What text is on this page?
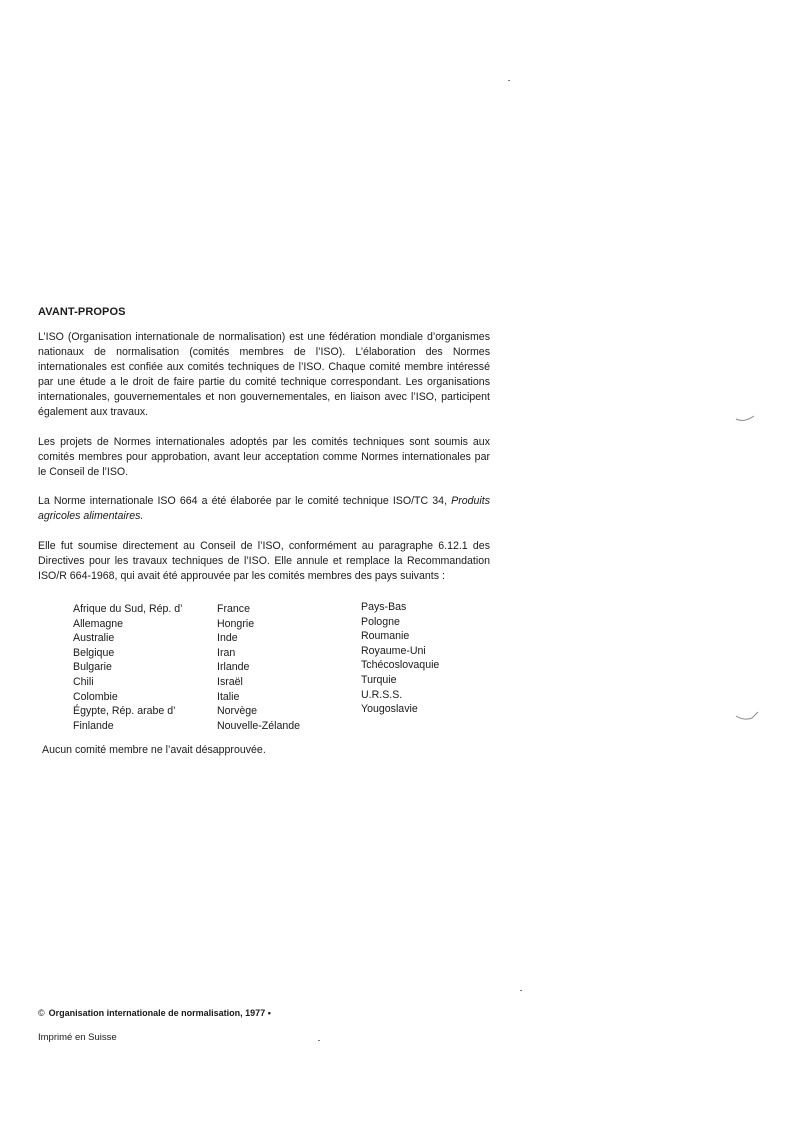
AVANT-PROPOS

L’ISO (Organisation internationale de normalisation) est une fédération mondiale d’organismes nationaux de normalisation (comités membres de l’ISO). L’élaboration des Normes internationales est confiée aux comités techniques de l’ISO. Chaque comité membre intéressé par une étude a le droit de faire partie du comité technique correspondant. Les organisations internationales, gouvernementales et non gouvernementales, en liaison avec l’ISO, participent également aux travaux.

Les projets de Normes internationales adoptés par les comités techniques sont soumis aux comités membres pour approbation, avant leur acceptation comme Normes internationales par le Conseil de l’ISO.

La Norme internationale ISO 664 a été élaborée par le comité technique ISO/TC 34, Produits agricoles alimentaires.

Elle fut soumise directement au Conseil de l’ISO, conformément au paragraphe 6.12.1 des Directives pour les travaux techniques de l’ISO. Elle annule et remplace la Recommandation ISO/R 664-1968, qui avait été approuvée par les comités membres des pays suivants :

Afrique du Sud, Rép. d’
Allemagne
Australie
Belgique
Bulgarie
Chili
Colombie
Égypte, Rép. arabe d’
Finlande
France
Hongrie
Inde
Iran
Irlande
Israël
Italie
Norvège
Nouvelle-Zélande
Pays-Bas
Pologne
Roumanie
Royaume-Uni
Tchécoslovaquie
Turquie
U.R.S.S.
Yougoslavie

Aucun comité membre ne l’avait désapprouvée.

© Organisation internationale de normalisation, 1977 •

Imprimé en Suisse
